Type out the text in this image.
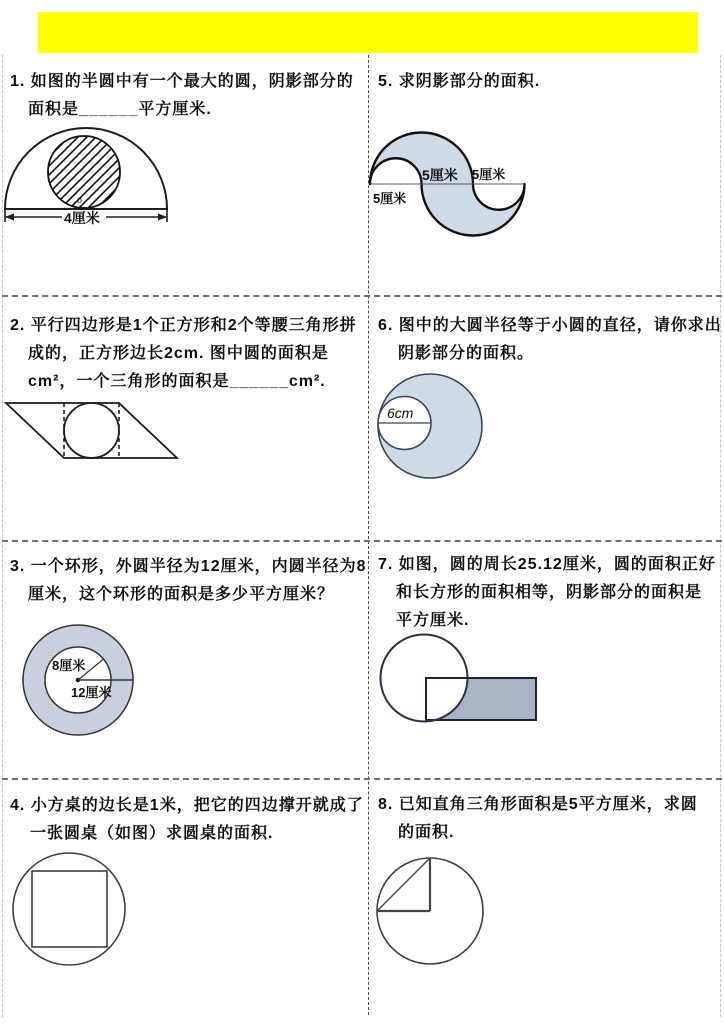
1. 如图的半圆中有一个最大的圆，阴影部分的
面积是______平方厘米.
o
4厘米
5. 求阴影部分的面积.
5厘米
5厘米 5厘米
2. 平行四边形是1个正方形和2个等腰三角形拼
成的，正方形边长2cm. 图中圆的面积是
cm²，一个三角形的面积是______cm².
6. 图中的大圆半径等于小圆的直径，请你求出
阴影部分的面积。
6cm
3. 一个环形，外圆半径为12厘米，内圆半径为8
厘米，这个环形的面积是多少平方厘米？
8厘米
12厘米
7. 如图，圆的周长25.12厘米，圆的面积正好
和长方形的面积相等，阴影部分的面积是
平方厘米.
4. 小方桌的边长是1米，把它的四边撑开就成了
一张圆桌（如图）求圆桌的面积.
8. 已知直角三角形面积是5平方厘米，求圆
的面积.
